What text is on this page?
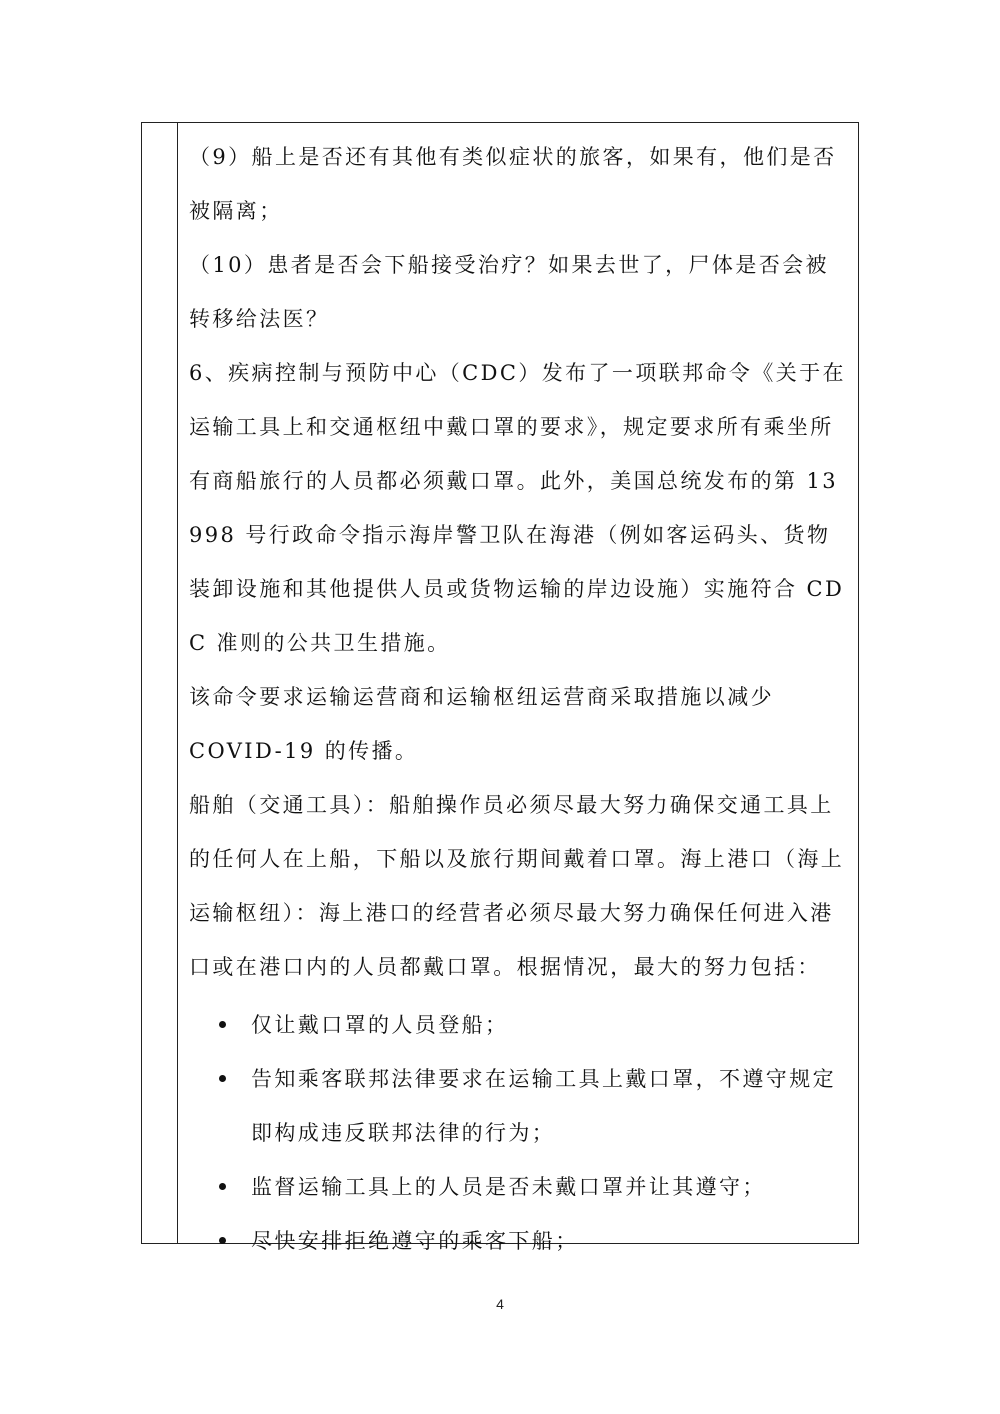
（9）船上是否还有其他有类似症状的旅客，如果有，他们是否被隔离；

（10）患者是否会下船接受治疗？如果去世了，尸体是否会被转移给法医？

6、疾病控制与预防中心（CDC）发布了一项联邦命令《关于在运输工具上和交通枢纽中戴口罩的要求》，规定要求所有乘坐所有商船旅行的人员都必须戴口罩。此外，美国总统发布的第 13998 号行政命令指示海岸警卫队在海港（例如客运码头、货物装卸设施和其他提供人员或货物运输的岸边设施）实施符合 CDC 准则的公共卫生措施。

该命令要求运输运营商和运输枢纽运营商采取措施以减少

COVID-19 的传播。

船舶（交通工具）：船舶操作员必须尽最大努力确保交通工具上的任何人在上船，下船以及旅行期间戴着口罩。海上港口（海上运输枢纽）：海上港口的经营者必须尽最大努力确保任何进入港口或在港口内的人员都戴口罩。根据情况，最大的努力包括：

仅让戴口罩的人员登船；
告知乘客联邦法律要求在运输工具上戴口罩，不遵守规定即构成违反联邦法律的行为；
监督运输工具上的人员是否未戴口罩并让其遵守；
尽快安排拒绝遵守的乘客下船；
4
